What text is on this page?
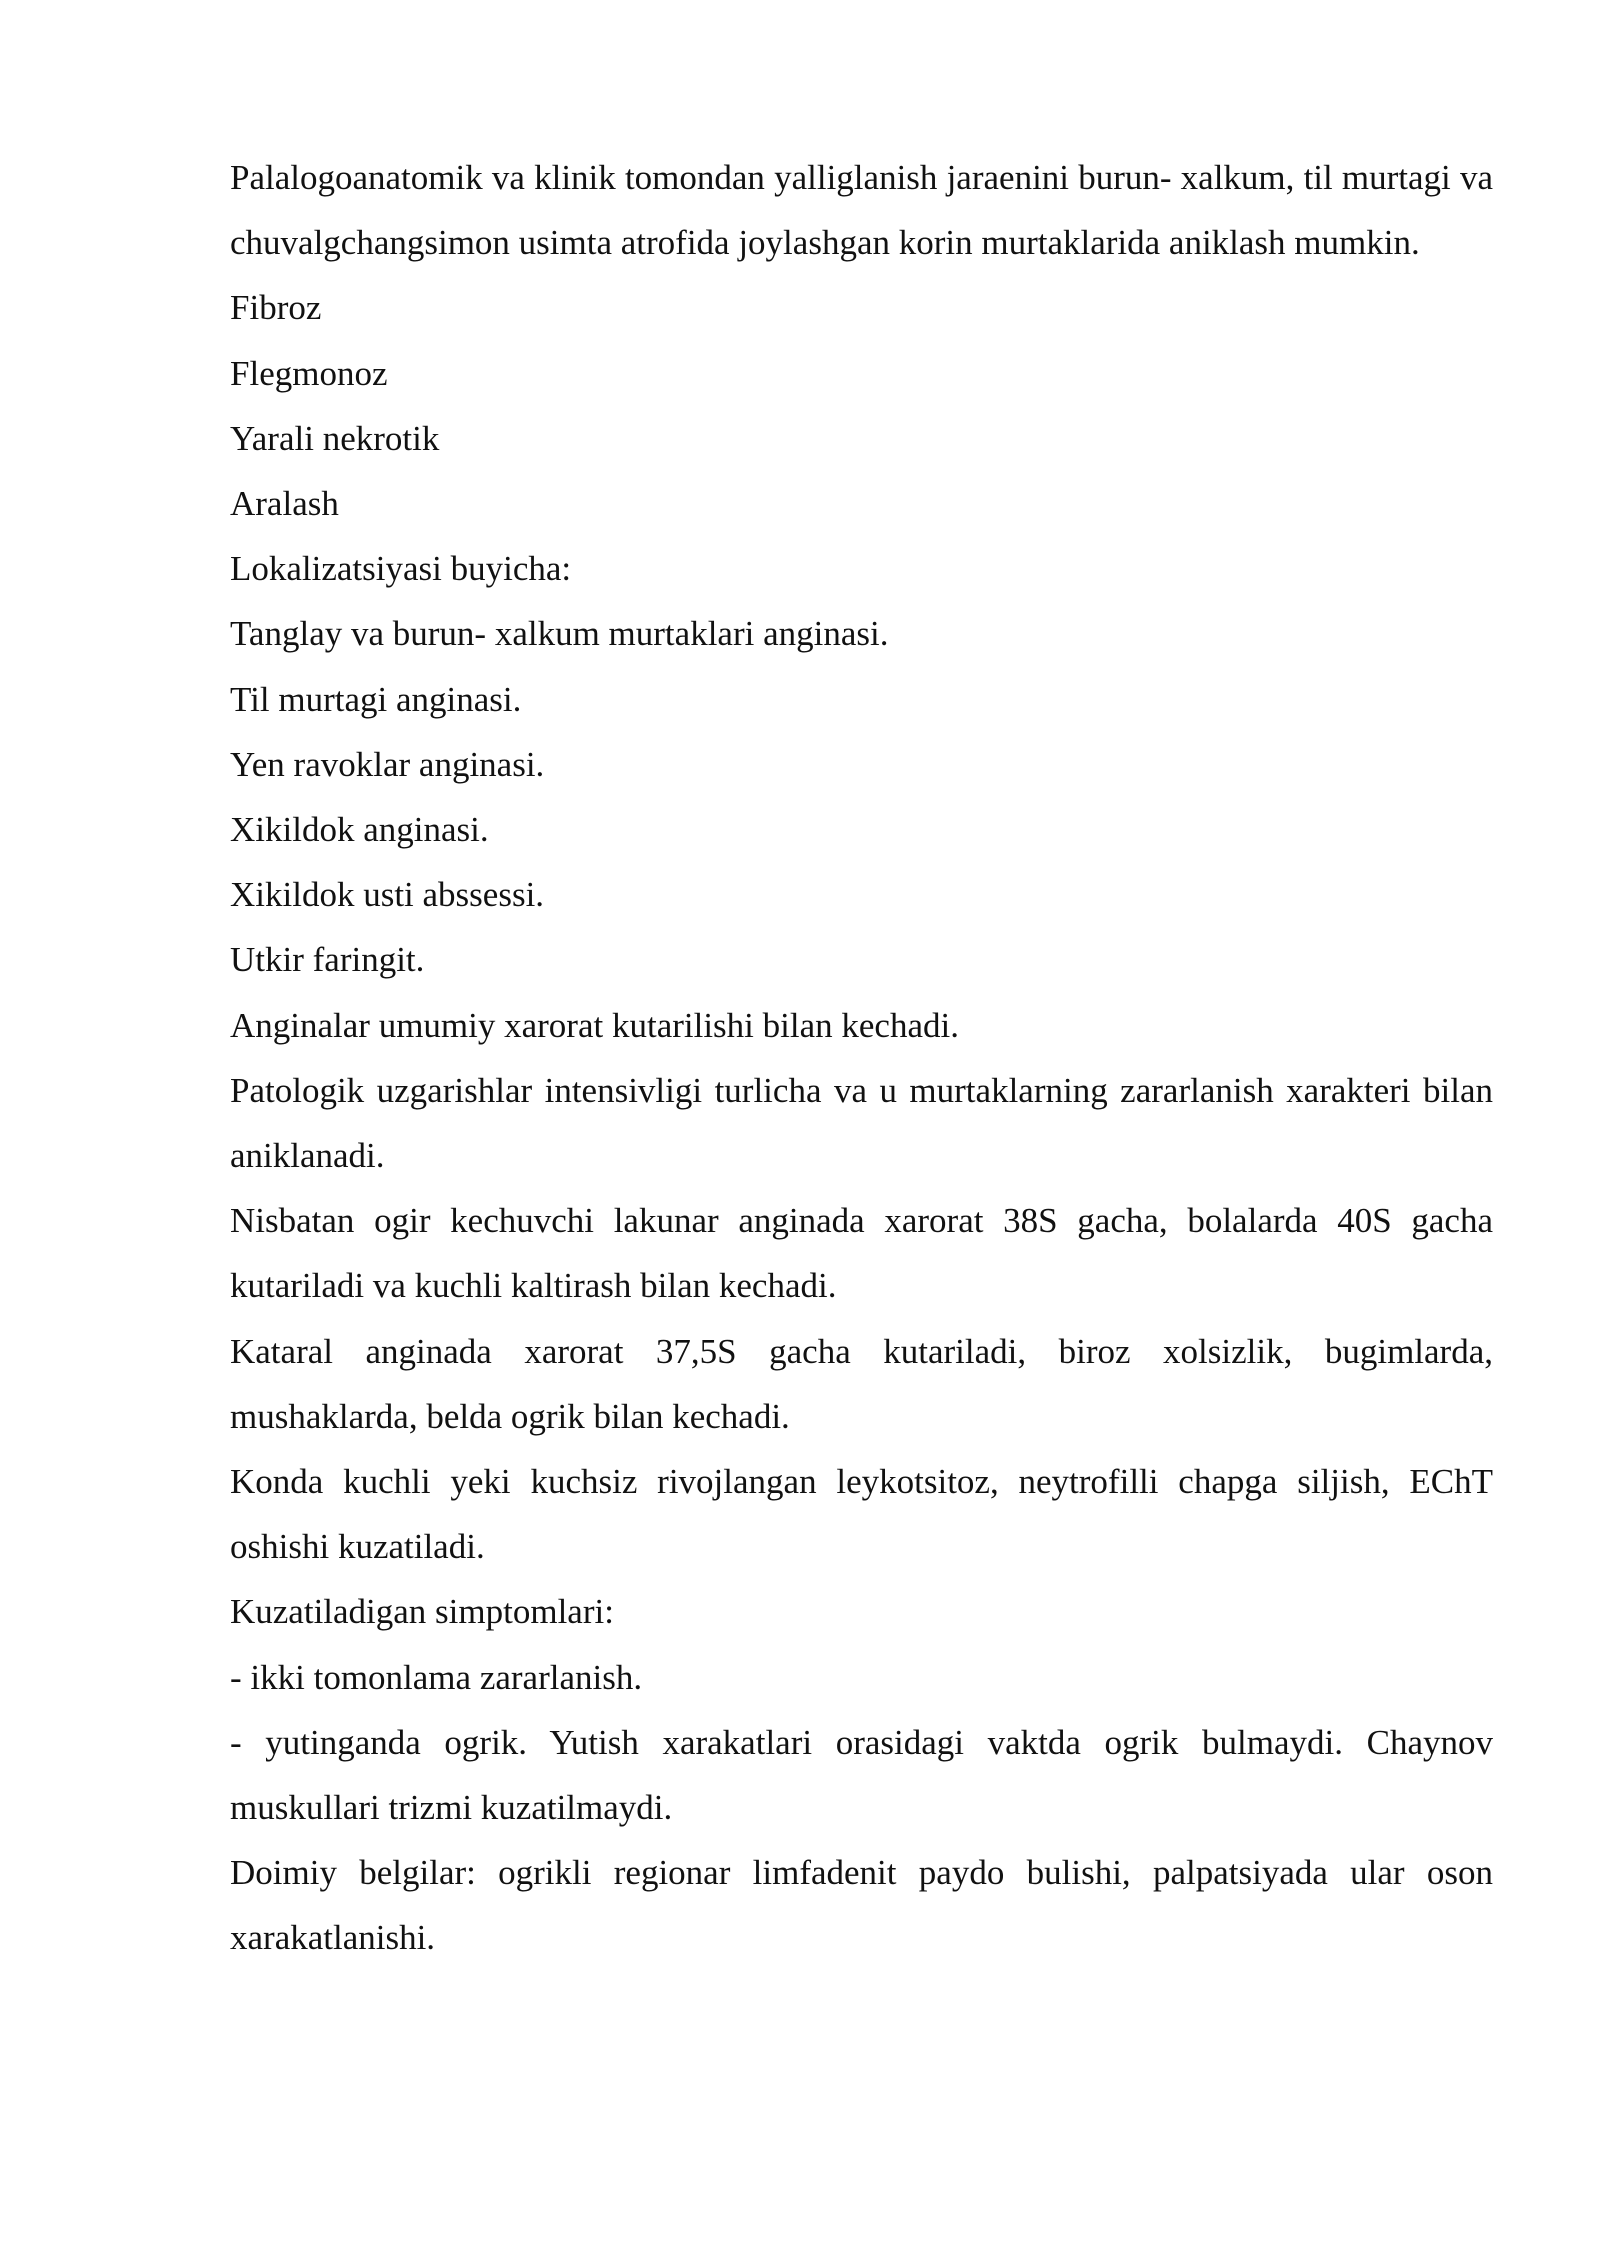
Palalogoanatomik va klinik tomondan yalliglanish jaraenini burun- xalkum, til murtagi va chuvalgchangsimon usimta atrofida joylashgan korin murtaklarida aniklash mumkin.

Fibroz

Flegmonoz

Yarali nekrotik

Aralash

Lokalizatsiyasi buyicha:

Tanglay va burun- xalkum murtaklari anginasi.

Til murtagi anginasi.

Yen ravoklar anginasi.

Xikildok anginasi.

Xikildok usti abssessi.

Utkir faringit.

Anginalar umumiy xarorat kutarilishi bilan kechadi.

Patologik uzgarishlar intensivligi turlicha va u murtaklarning zararlanish xarakteri bilan aniklanadi.

Nisbatan ogir kechuvchi lakunar anginada xarorat 38S gacha, bolalarda 40S gacha kutariladi va kuchli kaltirash bilan kechadi.

Kataral anginada xarorat 37,5S gacha kutariladi, biroz xolsizlik, bugimlarda, mushaklarda, belda ogrik bilan kechadi.

Konda kuchli yeki kuchsiz rivojlangan leykotsitoz, neytrofilli chapga siljish, EChT oshishi kuzatiladi.

Kuzatiladigan simptomlari:

- ikki tomonlama zararlanish.

- yutinganda ogrik. Yutish xarakatlari orasidagi vaktda ogrik bulmaydi. Chaynov muskullari trizmi kuzatilmaydi.

Doimiy belgilar: ogrikli regionar limfadenit paydo bulishi, palpatsiyada ular oson xarakatlanishi.
